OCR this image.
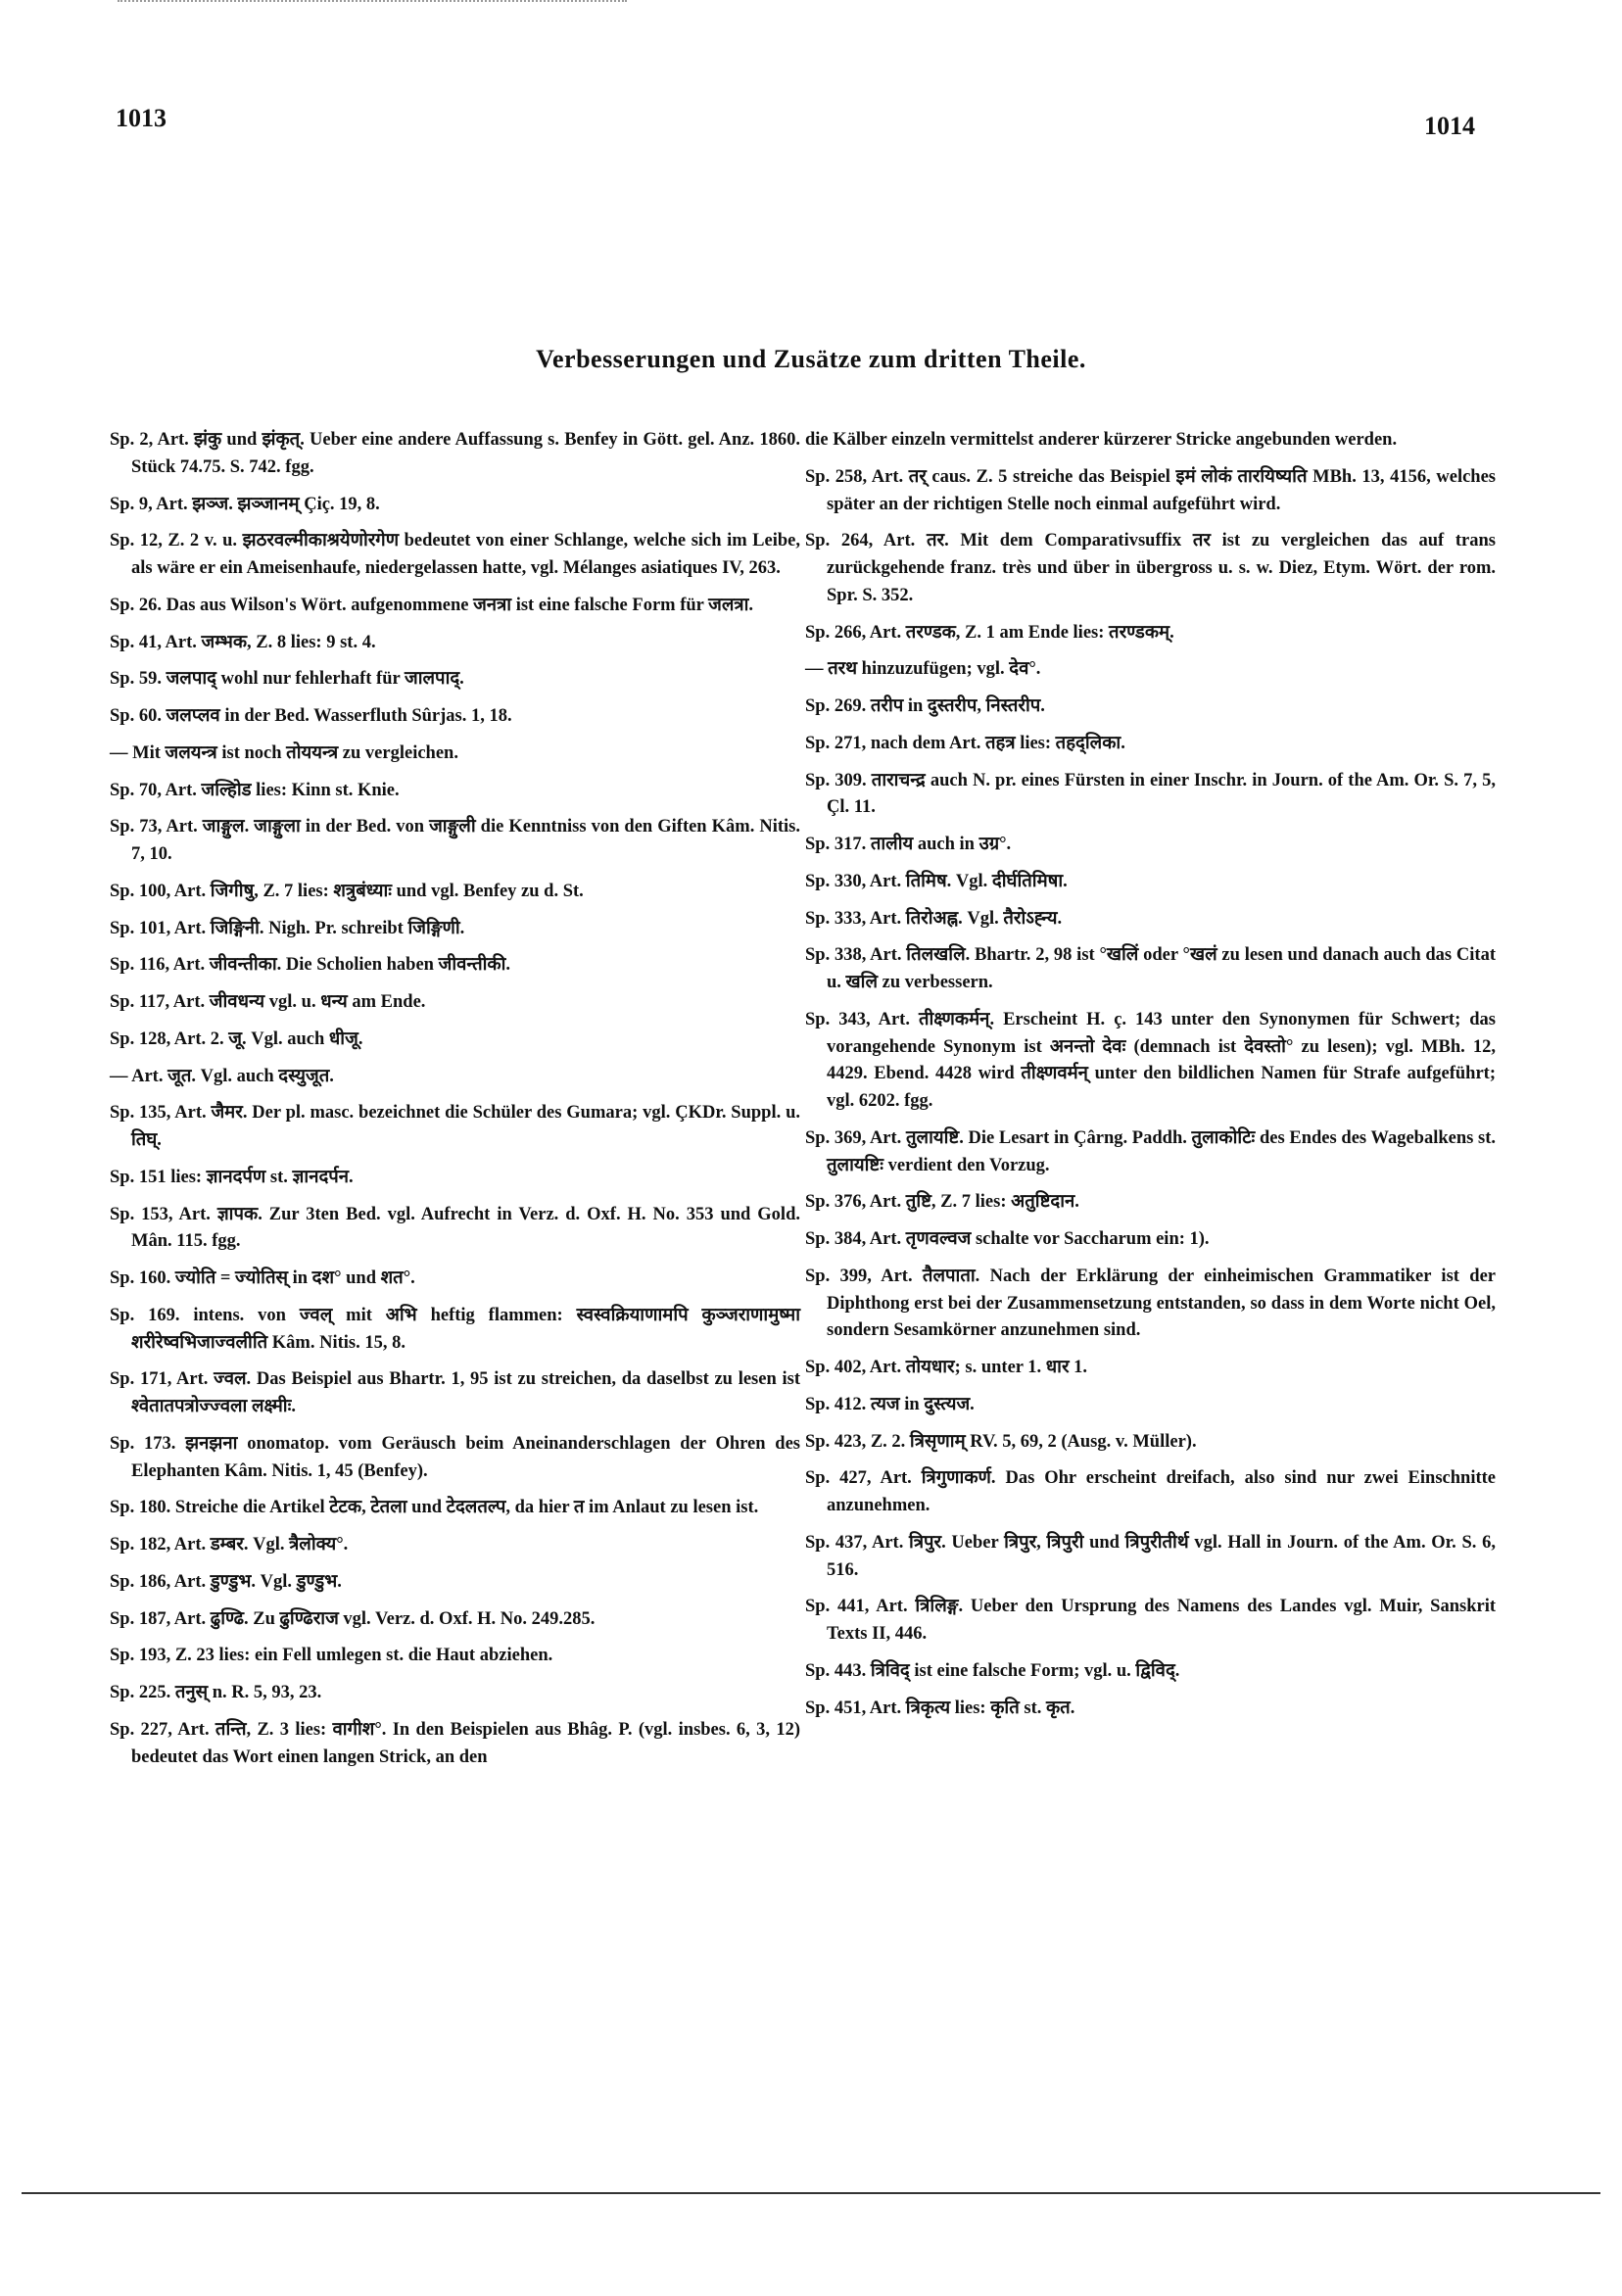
1013	1014
Verbesserungen und Zusätze zum dritten Theile.

Sp. 2, Art. झंकु und झंकृत्. Ueber eine andere Auffassung s. Benfey in Gött. gel. Anz. 1860. Stück 74.75. S. 742. fgg.

Sp. 9, Art. झञ्ज. झञ्जानम् Çiç. 19, 8.

Sp. 12, Z. 2 v. u. झठरवल्मीकाश्रयेणोरगेण bedeutet von einer Schlange, welche sich im Leibe, als wäre er ein Ameisenhaufe, niedergelassen hatte, vgl. Mélanges asiatiques IV, 263.

Sp. 26. Das aus Wilson's Wört. aufgenommene जनत्रा ist eine falsche Form für जलत्रा.

Sp. 41, Art. जम्भक, Z. 8 lies: 9 st. 4.

Sp. 59. जलपाद् wohl nur fehlerhaft für जालपाद्.

Sp. 60. जलप्लव in der Bed. Wasserfluth Sûrjas. 1, 18.

— Mit जलयन्त्र ist noch तोययन्त्र zu vergleichen.

Sp. 70, Art. जल्हिोड lies: Kinn st. Knie.

Sp. 73, Art. जाङ्गुल. जाङ्गुला in der Bed. von जाङ्गुली die Kenntniss von den Giften Kâm. Nitis. 7, 10.

Sp. 100, Art. जिगीषु, Z. 7 lies: शत्रुबंध्याः und vgl. Benfey zu d. St.

Sp. 101, Art. जिङ्गिनी. Nigh. Pr. schreibt जिङ्गिणी.

Sp. 116, Art. जीवन्तीका. Die Scholien haben जीवन्तीकी.

Sp. 117, Art. जीवधन्य vgl. u. धन्य am Ende.

Sp. 128, Art. 2. जू. Vgl. auch धीजू.

— Art. जूत. Vgl. auch दस्युजूत.

Sp. 135, Art. जैमर. Der pl. masc. bezeichnet die Schüler des Gumara; vgl. ÇKDr. Suppl. u. तिघ्.

Sp. 151 lies: ज्ञानदर्पण st. ज्ञानदर्पन.

Sp. 153, Art. ज्ञापक. Zur 3ten Bed. vgl. Aufrecht in Verz. d. Oxf. H. No. 353 und Gold. Mân. 115. fgg.

Sp. 160. ज्योति = ज्योतिस् in दश° und शत°.

Sp. 169. intens. von ज्वल् mit अभि heftig flammen: स्वस्वक्रियाणामपि कुञ्जराणामुष्मा शरीरेष्वभिजाज्वलीति Kâm. Nitis. 15, 8.

Sp. 171, Art. ज्वल. Das Beispiel aus Bhartr. 1, 95 ist zu streichen, da daselbst zu lesen ist श्वेतातपत्रोज्ज्वला लक्ष्मीः.

Sp. 173. झनझना onomatop. vom Geräusch beim Aneinanderschlagen der Ohren des Elephanten Kâm. Nitis. 1, 45 (Benfey).

Sp. 180. Streiche die Artikel टेटक, टेतला und टेदलतल्प, da hier त im Anlaut zu lesen ist.

Sp. 182, Art. डम्बर. Vgl. त्रैलोक्य°.

Sp. 186, Art. डुण्डुभ. Vgl. डुण्डुभ.

Sp. 187, Art. ढुण्ढि. Zu ढुण्ढिराज vgl. Verz. d. Oxf. H. No. 249.285.

Sp. 193, Z. 23 lies: ein Fell umlegen st. die Haut abziehen.

Sp. 225. तनुस् n. R. 5, 93, 23.

Sp. 227, Art. तन्ति, Z. 3 lies: वागीश°. In den Beispielen aus Bhâg. P. (vgl. insbes. 6, 3, 12) bedeutet das Wort einen langen Strick, an den

die Kälber einzeln vermittelst anderer kürzerer Stricke angebunden werden.

Sp. 258, Art. तर् caus. Z. 5 streiche das Beispiel इमं लोकं तारयिष्यति MBh. 13, 4156, welches später an der richtigen Stelle noch einmal aufgeführt wird.

Sp. 264, Art. तर. Mit dem Comparativsuffix तर ist zu vergleichen das auf trans zurückgehende franz. très und über in übergross u. s. w. Diez, Etym. Wört. der rom. Spr. S. 352.

Sp. 266, Art. तरण्डक, Z. 1 am Ende lies: तरण्डकम्.

— तरथ hinzuzufügen; vgl. देव°.

Sp. 269. तरीप in दुस्तरीप, निस्तरीप.

Sp. 271, nach dem Art. तहत्र lies: तहद्लिका.

Sp. 309. ताराचन्द्र auch N. pr. eines Fürsten in einer Inschr. in Journ. of the Am. Or. S. 7, 5, Çl. 11.

Sp. 317. तालीय auch in उग्र°.

Sp. 330, Art. तिमिष. Vgl. दीर्घतिमिषा.

Sp. 333, Art. तिरोअह्न. Vgl. तैरोऽह्न्य.

Sp. 338, Art. तिलखलि. Bhartr. 2, 98 ist °खलिं oder °खलं zu lesen und danach auch das Citat u. खलि zu verbessern.

Sp. 343, Art. तीक्ष्णकर्मन्. Erscheint H. ç. 143 unter den Synonymen für Schwert; das vorangehende Synonym ist अनन्तो देवः (demnach ist देवस्तो° zu lesen); vgl. MBh. 12, 4429. Ebend. 4428 wird तीक्ष्णवर्मन् unter den bildlichen Namen für Strafe aufgeführt; vgl. 6202. fgg.

Sp. 369, Art. तुलायष्टि. Die Lesart in Çârng. Paddh. तुलाकोटिः des Endes des Wagebalkens st. तुलायष्टिः verdient den Vorzug.

Sp. 376, Art. तुष्टि, Z. 7 lies: अतुष्टिदान.

Sp. 384, Art. तृणवल्वज schalte vor Saccharum ein: 1).

Sp. 399, Art. तैलपाता. Nach der Erklärung der einheimischen Grammatiker ist der Diphthong erst bei der Zusammensetzung entstanden, so dass in dem Worte nicht Oel, sondern Sesamkörner anzunehmen sind.

Sp. 402, Art. तोयधार; s. unter 1. धार 1.

Sp. 412. त्यज in दुस्त्यज.

Sp. 423, Z. 2. त्रिसृणाम् RV. 5, 69, 2 (Ausg. v. Müller).

Sp. 427, Art. त्रिगुणाकर्ण. Das Ohr erscheint dreifach, also sind nur zwei Einschnitte anzunehmen.

Sp. 437, Art. त्रिपुर. Ueber त्रिपुर, त्रिपुरी und त्रिपुरीतीर्थ vgl. Hall in Journ. of the Am. Or. S. 6, 516.

Sp. 441, Art. त्रिलिङ्ग. Ueber den Ursprung des Namens des Landes vgl. Muir, Sanskrit Texts II, 446.

Sp. 443. त्रिविद् ist eine falsche Form; vgl. u. द्विविद्.

Sp. 451, Art. त्रिकृत्य lies: कृति st. कृत.
